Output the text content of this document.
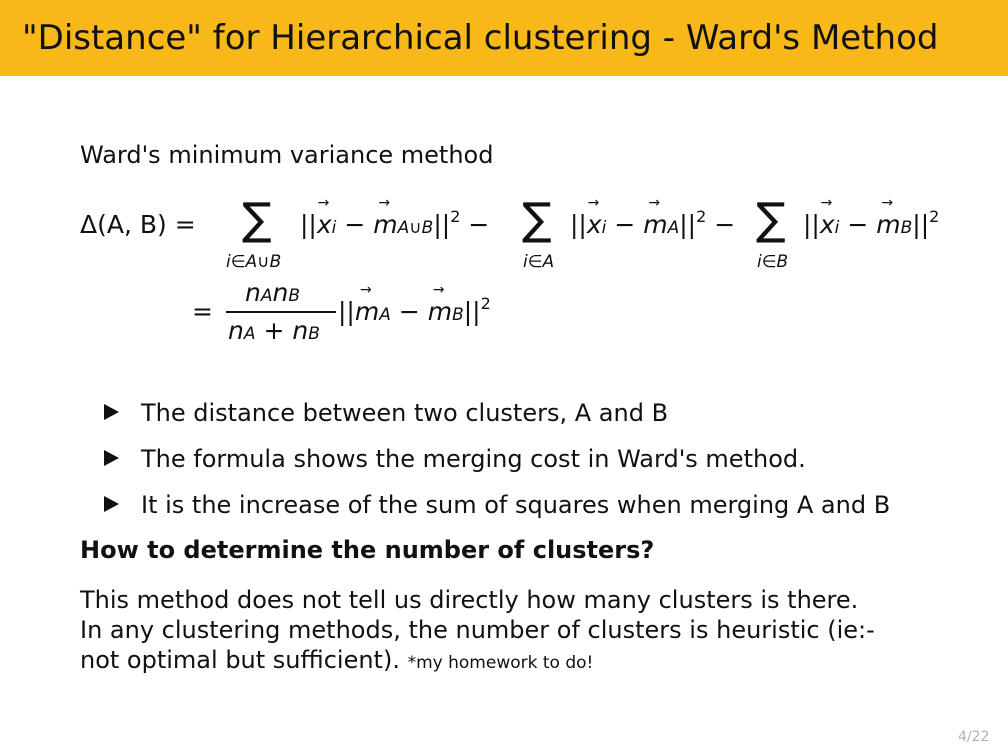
"Distance" for Hierarchical clustering - Ward's Method
Ward's minimum variance method
Δ(A, B) = ∑
i∈A∪B
||→ xi − → $mA\cup B||^2$ − ∑
i∈A
||→ xi − → $mA||^2$ − ∑
i∈B
||→ xi − → $mB||^2$
=
nAnB
nA + nB
||→ mA − → $mB||^2$
The distance between two clusters, A and B
The formula shows the merging cost in Ward's method.
It is the increase of the sum of squares when merging A and B
How to determine the number of clusters?
This method does not tell us directly how many clusters is there.
In any clustering methods, the number of clusters is heuristic (ie:-
not optimal but sufficient). *my homework to do!
4/22
